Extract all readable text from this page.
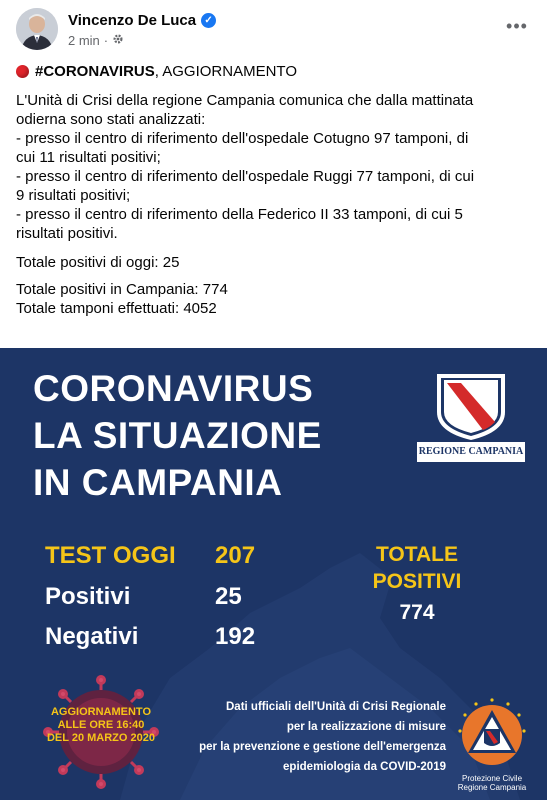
Vincenzo De Luca ✓
2 min ·
•••

#CORONAVIRUS , AGGIORNAMENTO

L'Unità di Crisi della regione Campania comunica che dalla mattinata

odierna sono stati analizzati:

- presso il centro di riferimento dell'ospedale Cotugno 97 tamponi, di

cui 11 risultati positivi;

- presso il centro di riferimento dell'ospedale Ruggi 77 tamponi, di cui

9 risultati positivi;

- presso il centro di riferimento della Federico II 33 tamponi, di cui 5

risultati positivi.

Totale positivi di oggi: 25

Totale positivi in Campania: 774

Totale tamponi effettuati: 4052

CORONAVIRUS
LA SITUAZIONE
IN CAMPANIA
REGIONE CAMPANIA
TEST OGGI 207
Positivi	25
Negativi	192
TOTALE
POSITIVI
774
AGGIORNAMENTO
ALLE ORE 16:40
DEL 20 MARZO 2020
Dati ufficiali dell'Unità di Crisi Regionale
per la realizzazione di misure
per la prevenzione e gestione dell'emergenza
epidemiologia da COVID-2019
Protezione Civile
Regione Campania
